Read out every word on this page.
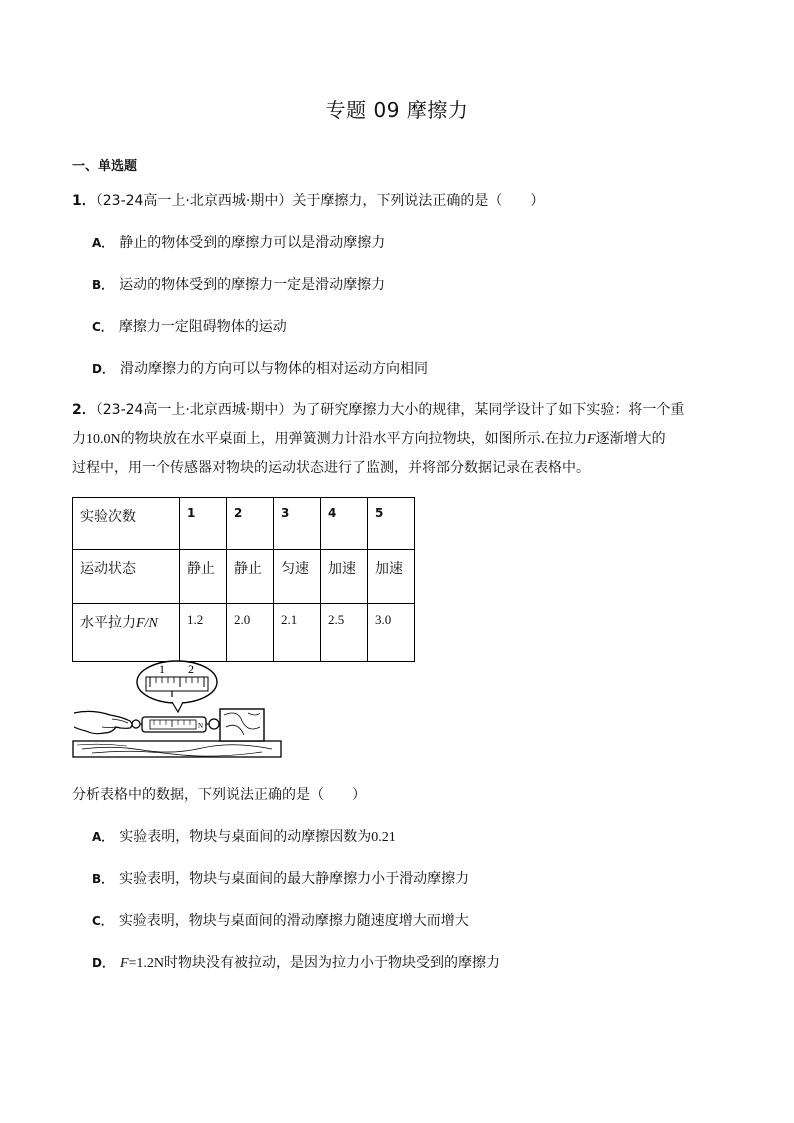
专题 09 摩擦力
一、单选题
1．（23-24高一上·北京西城·期中）关于摩擦力，下列说法正确的是（　　）
A． 静止的物体受到的摩擦力可以是滑动摩擦力
B． 运动的物体受到的摩擦力一定是滑动摩擦力
C． 摩擦力一定阻碍物体的运动
D． 滑动摩擦力的方向可以与物体的相对运动方向相同
2．（23-24高一上·北京西城·期中）为了研究摩擦力大小的规律，某同学设计了如下实验：将一个重
力10.0N的物块放在水平桌面上，用弹簧测力计沿水平方向拉物块，如图所示.在拉力F逐渐增大的
过程中，用一个传感器对物块的运动状态进行了监测，并将部分数据记录在表格中。
实验次数	1	2	3	4	5
运动状态	静止	静止	匀速	加速	加速
水平拉力F/N	1.2	2.0	2.1	2.5	3.0
1 2
N
分析表格中的数据，下列说法正确的是（　　）
A． 实验表明，物块与桌面间的动摩擦因数为0.21
B． 实验表明，物块与桌面间的最大静摩擦力小于滑动摩擦力
C． 实验表明，物块与桌面间的滑动摩擦力随速度增大而增大
D． F=1.2N时物块没有被拉动，是因为拉力小于物块受到的摩擦力
